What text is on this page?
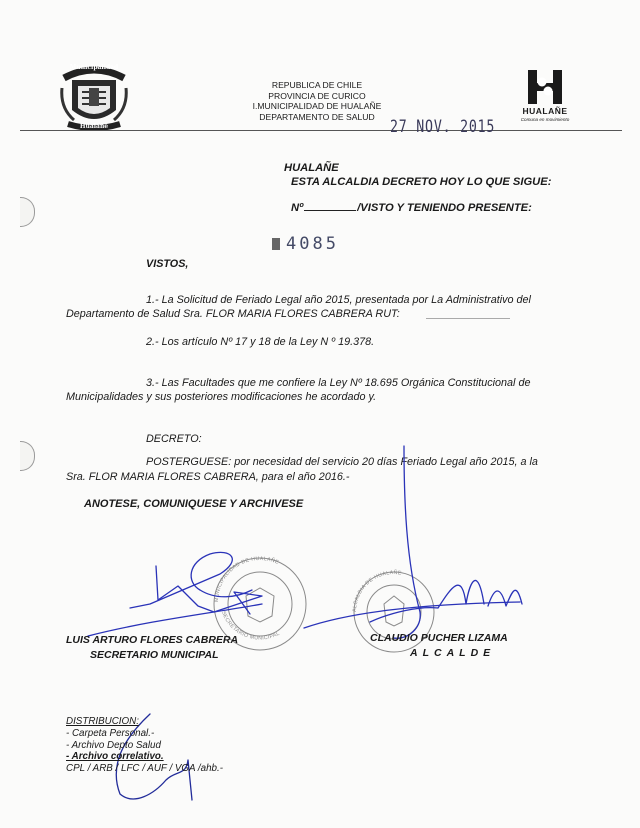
Municipalidad
Hualañe
REPUBLICA DE CHILE
PROVINCIA DE CURICO
I.MUNICIPALIDAD DE HUALAÑE
DEPARTAMENTO DE SALUD
HUALAÑE
Comuna en movimiento
27 NOV. 2015
HUALAÑE
ESTA ALCALDIA DECRETO HOY LO QUE SIGUE:
Nº	/VISTO Y TENIENDO PRESENTE:
4085
VISTOS,
1.- La Solicitud de Feriado Legal año 2015, presentada por La Administrativo del
Departamento de Salud Sra. FLOR MARIA FLORES CABRERA RUT:
2.- Los artículo Nº 17 y 18 de la Ley N º 19.378.
3.- Las Facultades que me confiere la Ley Nº 18.695 Orgánica Constitucional de
Municipalidades y sus posteriores modificaciones he acordado y.
DECRETO:
POSTERGUESE: por necesidad del servicio 20 días Feriado Legal año 2015, a la
Sra. FLOR MARIA FLORES CABRERA, para el año 2016.-
ANOTESE, COMUNIQUESE Y ARCHIVESE
MUNICIPALIDAD DE HUALAÑE
SECRETARIO MUNICIPAL
ALCALDIA DE HUALAÑE
LUIS ARTURO FLORES CABRERA
SECRETARIO MUNICIPAL
CLAUDIO PUCHER LIZAMA
ALCALDE
DISTRIBUCION:
- Carpeta Personal.-
- Archivo Depto Salud
- Archivo correlativo.
CPL / ARB / LFC / AUF / VGA /ahb.-
